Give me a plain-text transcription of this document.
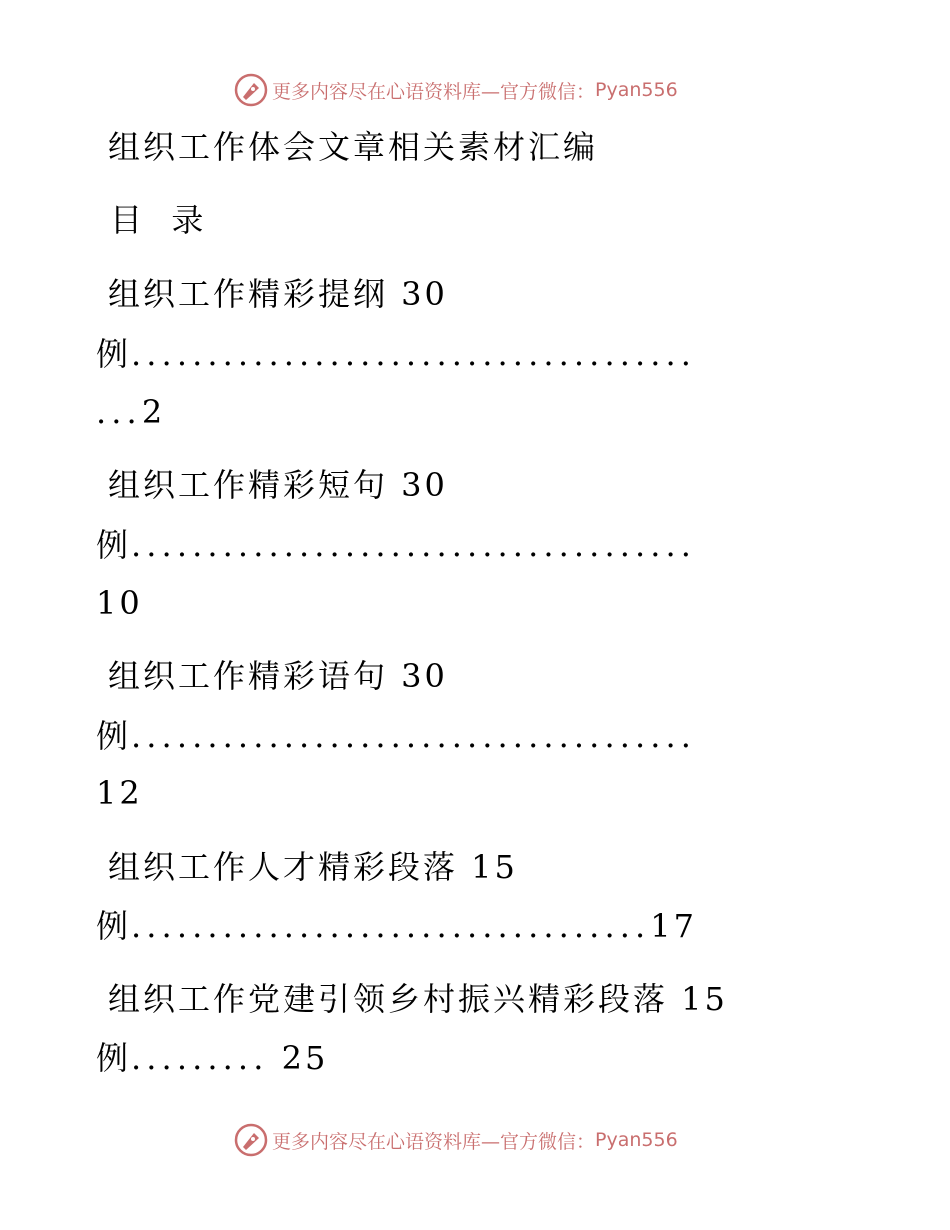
更多内容尽在心语资料库—官方微信： Pyan556
组织工作体会文章相关素材汇编
目  录
组织工作精彩提纲 30
例.....................................
...2
组织工作精彩短句 30
例.....................................
10
组织工作精彩语句 30
例.....................................
12
组织工作人才精彩段落 15
例..................................17
组织工作党建引领乡村振兴精彩段落 15
例......... 25
更多内容尽在心语资料库—官方微信： Pyan556
